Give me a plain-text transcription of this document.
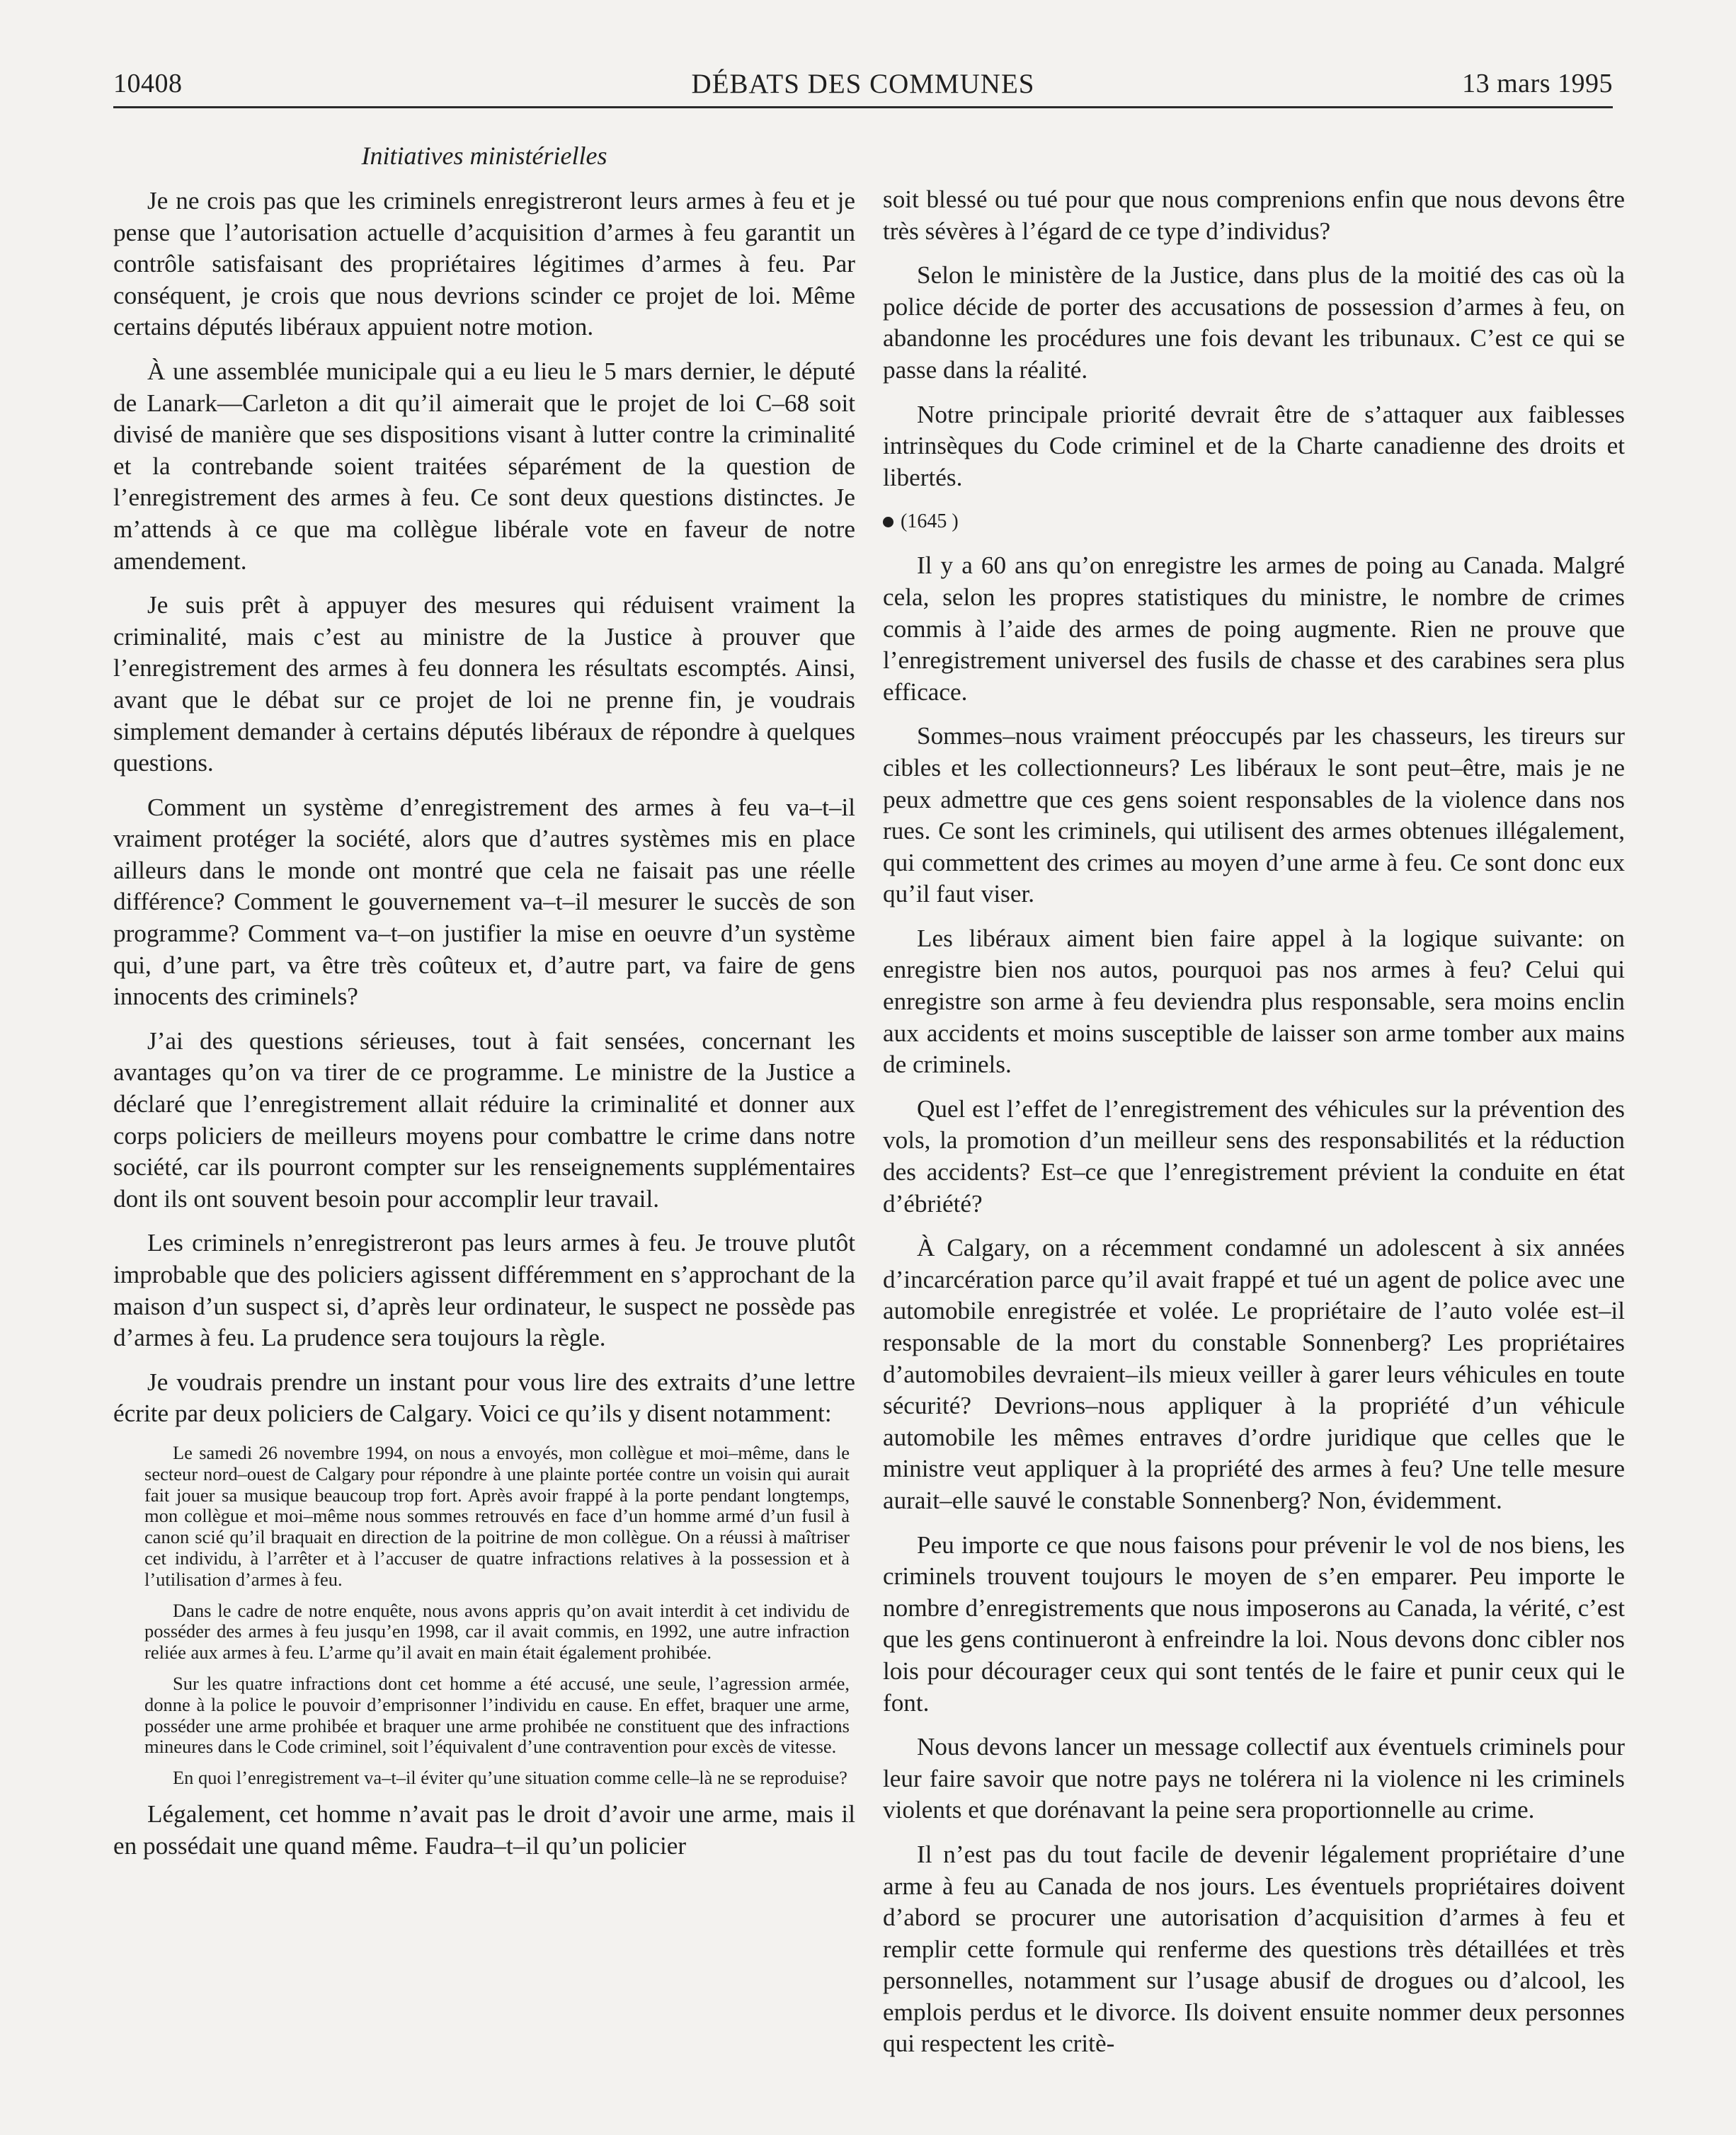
10408	DÉBATS DES COMMUNES	13 mars 1995
Initiatives ministérielles

Je ne crois pas que les criminels enregistreront leurs armes à feu et je pense que l’autorisation actuelle d’acquisition d’armes à feu garantit un contrôle satisfaisant des propriétaires légitimes d’armes à feu. Par conséquent, je crois que nous devrions scinder ce projet de loi. Même certains députés libéraux appuient notre motion.

À une assemblée municipale qui a eu lieu le 5 mars dernier, le député de Lanark—Carleton a dit qu’il aimerait que le projet de loi C–68 soit divisé de manière que ses dispositions visant à lutter contre la criminalité et la contrebande soient traitées séparément de la question de l’enregistrement des armes à feu. Ce sont deux questions distinctes. Je m’attends à ce que ma collègue libérale vote en faveur de notre amendement.

Je suis prêt à appuyer des mesures qui réduisent vraiment la criminalité, mais c’est au ministre de la Justice à prouver que l’enregistrement des armes à feu donnera les résultats escomptés. Ainsi, avant que le débat sur ce projet de loi ne prenne fin, je voudrais simplement demander à certains députés libéraux de répondre à quelques questions.

Comment un système d’enregistrement des armes à feu va–t–il vraiment protéger la société, alors que d’autres systèmes mis en place ailleurs dans le monde ont montré que cela ne faisait pas une réelle différence? Comment le gouvernement va–t–il mesurer le succès de son programme? Comment va–t–on justifier la mise en oeuvre d’un système qui, d’une part, va être très coûteux et, d’autre part, va faire de gens innocents des criminels?

J’ai des questions sérieuses, tout à fait sensées, concernant les avantages qu’on va tirer de ce programme. Le ministre de la Justice a déclaré que l’enregistrement allait réduire la criminalité et donner aux corps policiers de meilleurs moyens pour combattre le crime dans notre société, car ils pourront compter sur les renseignements supplémentaires dont ils ont souvent besoin pour accomplir leur travail.

Les criminels n’enregistreront pas leurs armes à feu. Je trouve plutôt improbable que des policiers agissent différemment en s’approchant de la maison d’un suspect si, d’après leur ordinateur, le suspect ne possède pas d’armes à feu. La prudence sera toujours la règle.

Je voudrais prendre un instant pour vous lire des extraits d’une lettre écrite par deux policiers de Calgary. Voici ce qu’ils y disent notamment:

Le samedi 26 novembre 1994, on nous a envoyés, mon collègue et moi–même, dans le secteur nord–ouest de Calgary pour répondre à une plainte portée contre un voisin qui aurait fait jouer sa musique beaucoup trop fort. Après avoir frappé à la porte pendant longtemps, mon collègue et moi–même nous sommes retrouvés en face d’un homme armé d’un fusil à canon scié qu’il braquait en direction de la poitrine de mon collègue. On a réussi à maîtriser cet individu, à l’arrêter et à l’accuser de quatre infractions relatives à la possession et à l’utilisation d’armes à feu.

Dans le cadre de notre enquête, nous avons appris qu’on avait interdit à cet individu de posséder des armes à feu jusqu’en 1998, car il avait commis, en 1992, une autre infraction reliée aux armes à feu. L’arme qu’il avait en main était également prohibée.

Sur les quatre infractions dont cet homme a été accusé, une seule, l’agression armée, donne à la police le pouvoir d’emprisonner l’individu en cause. En effet, braquer une arme, posséder une arme prohibée et braquer une arme prohibée ne constituent que des infractions mineures dans le Code criminel, soit l’équivalent d’une contravention pour excès de vitesse.

En quoi l’enregistrement va–t–il éviter qu’une situation comme celle–là ne se reproduise?

Légalement, cet homme n’avait pas le droit d’avoir une arme, mais il en possédait une quand même. Faudra–t–il qu’un policier

soit blessé ou tué pour que nous comprenions enfin que nous devons être très sévères à l’égard de ce type d’individus?

Selon le ministère de la Justice, dans plus de la moitié des cas où la police décide de porter des accusations de possession d’armes à feu, on abandonne les procédures une fois devant les tribunaux. C’est ce qui se passe dans la réalité.

Notre principale priorité devrait être de s’attaquer aux faiblesses intrinsèques du Code criminel et de la Charte canadienne des droits et libertés.

(1645 )

Il y a 60 ans qu’on enregistre les armes de poing au Canada. Malgré cela, selon les propres statistiques du ministre, le nombre de crimes commis à l’aide des armes de poing augmente. Rien ne prouve que l’enregistrement universel des fusils de chasse et des carabines sera plus efficace.

Sommes–nous vraiment préoccupés par les chasseurs, les tireurs sur cibles et les collectionneurs? Les libéraux le sont peut–être, mais je ne peux admettre que ces gens soient responsables de la violence dans nos rues. Ce sont les criminels, qui utilisent des armes obtenues illégalement, qui commettent des crimes au moyen d’une arme à feu. Ce sont donc eux qu’il faut viser.

Les libéraux aiment bien faire appel à la logique suivante: on enregistre bien nos autos, pourquoi pas nos armes à feu? Celui qui enregistre son arme à feu deviendra plus responsable, sera moins enclin aux accidents et moins susceptible de laisser son arme tomber aux mains de criminels.

Quel est l’effet de l’enregistrement des véhicules sur la prévention des vols, la promotion d’un meilleur sens des responsabilités et la réduction des accidents? Est–ce que l’enregistrement prévient la conduite en état d’ébriété?

À Calgary, on a récemment condamné un adolescent à six années d’incarcération parce qu’il avait frappé et tué un agent de police avec une automobile enregistrée et volée. Le propriétaire de l’auto volée est–il responsable de la mort du constable Sonnenberg? Les propriétaires d’automobiles devraient–ils mieux veiller à garer leurs véhicules en toute sécurité? Devrions–nous appliquer à la propriété d’un véhicule automobile les mêmes entraves d’ordre juridique que celles que le ministre veut appliquer à la propriété des armes à feu? Une telle mesure aurait–elle sauvé le constable Sonnenberg? Non, évidemment.

Peu importe ce que nous faisons pour prévenir le vol de nos biens, les criminels trouvent toujours le moyen de s’en emparer. Peu importe le nombre d’enregistrements que nous imposerons au Canada, la vérité, c’est que les gens continueront à enfreindre la loi. Nous devons donc cibler nos lois pour décourager ceux qui sont tentés de le faire et punir ceux qui le font.

Nous devons lancer un message collectif aux éventuels criminels pour leur faire savoir que notre pays ne tolérera ni la violence ni les criminels violents et que dorénavant la peine sera proportionnelle au crime.

Il n’est pas du tout facile de devenir légalement propriétaire d’une arme à feu au Canada de nos jours. Les éventuels propriétaires doivent d’abord se procurer une autorisation d’acquisition d’armes à feu et remplir cette formule qui renferme des questions très détaillées et très personnelles, notamment sur l’usage abusif de drogues ou d’alcool, les emplois perdus et le divorce. Ils doivent ensuite nommer deux personnes qui respectent les critè-
